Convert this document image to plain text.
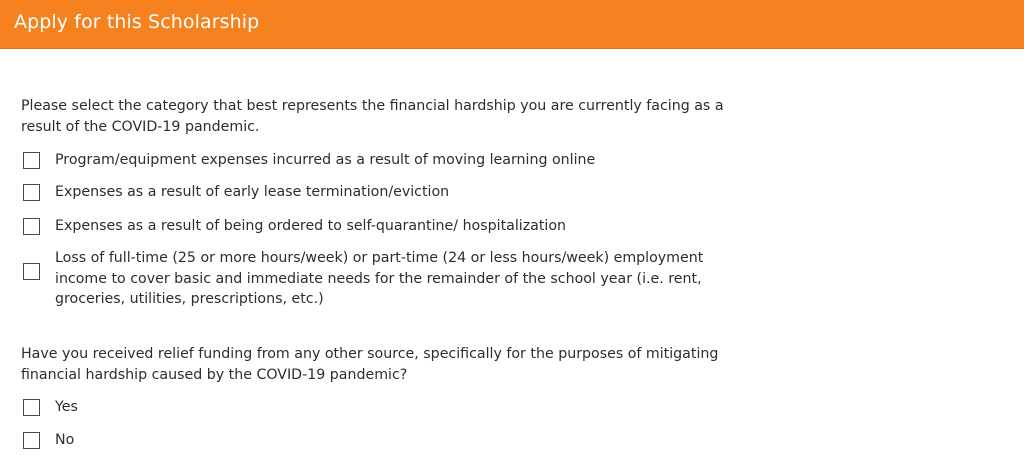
Apply for this Scholarship
Please select the category that best represents the financial hardship you are currently facing as a result of the COVID-19 pandemic.
Program/equipment expenses incurred as a result of moving learning online
Expenses as a result of early lease termination/eviction
Expenses as a result of being ordered to self-quarantine/ hospitalization
Loss of full-time (25 or more hours/week) or part-time (24 or less hours/week) employment income to cover basic and immediate needs for the remainder of the school year (i.e. rent, groceries, utilities, prescriptions, etc.)
Have you received relief funding from any other source, specifically for the purposes of mitigating financial hardship caused by the COVID-19 pandemic?
Yes
No
